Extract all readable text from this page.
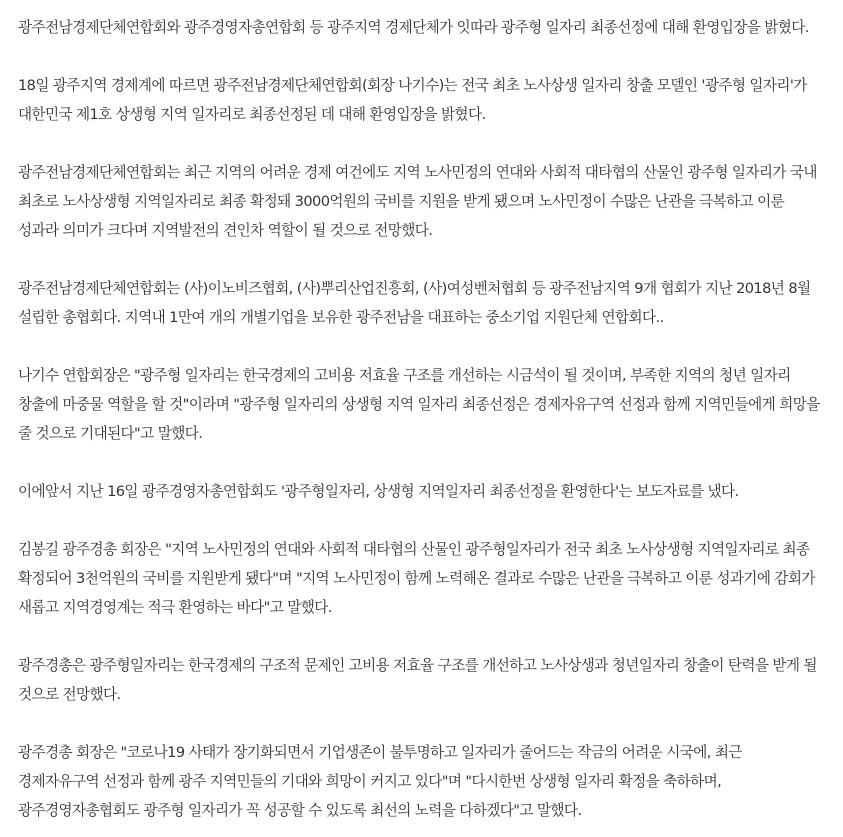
광주전남경제단체연합회와 광주경영자총연합회 등 광주지역 경제단체가 잇따라 광주형 일자리 최종선정에 대해 환영입장을 밝혔다.

18일 광주지역 경제계에 따르면 광주전남경제단체연합회(회장 나기수)는 전국 최초 노사상생 일자리 창출 모델인 '광주형 일자리'가 대한민국 제1호 상생형 지역 일자리로 최종선정된 데 대해 환영입장을 밝혔다.

광주전남경제단체연합회는 최근 지역의 어려운 경제 여건에도 지역 노사민정의 연대와 사회적 대타협의 산물인 광주형 일자리가 국내 최초로 노사상생형 지역일자리로 최종 확정돼 3000억원의 국비를 지원을 받게 됐으며 노사민정이 수많은 난관을 극복하고 이룬 성과라 의미가 크다며 지역발전의 견인차 역할이 될 것으로 전망했다.

광주전남경제단체연합회는 (사)이노비즈협회, (사)뿌리산업진흥회, (사)여성벤처협회 등 광주전남지역 9개 협회가 지난 2018년 8월 설립한 총협회다. 지역내 1만여 개의 개별기업을 보유한 광주전남을 대표하는 중소기업 지원단체 연합회다..

나기수 연합회장은 "광주형 일자리는 한국경제의 고비용 저효율 구조를 개선하는 시금석이 될 것이며, 부족한 지역의 청년 일자리 창출에 마중물 역할을 할 것"이라며 "광주형 일자리의 상생형 지역 일자리 최종선정은 경제자유구역 선정과 함께 지역민들에게 희망을 줄 것으로 기대된다"고 말했다.

이에앞서 지난 16일 광주경영자총연합회도 '광주형일자리, 상생형 지역일자리 최종선정을 환영한다'는 보도자료를 냈다.

김봉길 광주경총 회장은 "지역 노사민정의 연대와 사회적 대타협의 산물인 광주형일자리가 전국 최초 노사상생형 지역일자리로 최종 확정되어 3천억원의 국비를 지원받게 됐다"며 "지역 노사민정이 함께 노력해온 결과로 수많은 난관을 극복하고 이룬 성과기에 감회가 새롭고 지역경영계는 적극 환영하는 바다"고 말했다.

광주경총은 광주형일자리는 한국경제의 구조적 문제인 고비용 저효율 구조를 개선하고 노사상생과 청년일자리 창출이 탄력을 받게 될 것으로 전망했다.

광주경총 회장은 "코로나19 사태가 장기화되면서 기업생존이 불투명하고 일자리가 줄어드는 작금의 어려운 시국에, 최근 경제자유구역 선정과 함께 광주 지역민들의 기대와 희망이 커지고 있다"며 "다시한번 상생형 일자리 확정을 축하하며, 광주경영자총협회도 광주형 일자리가 꼭 성공할 수 있도록 최선의 노력을 다하겠다"고 말했다.
